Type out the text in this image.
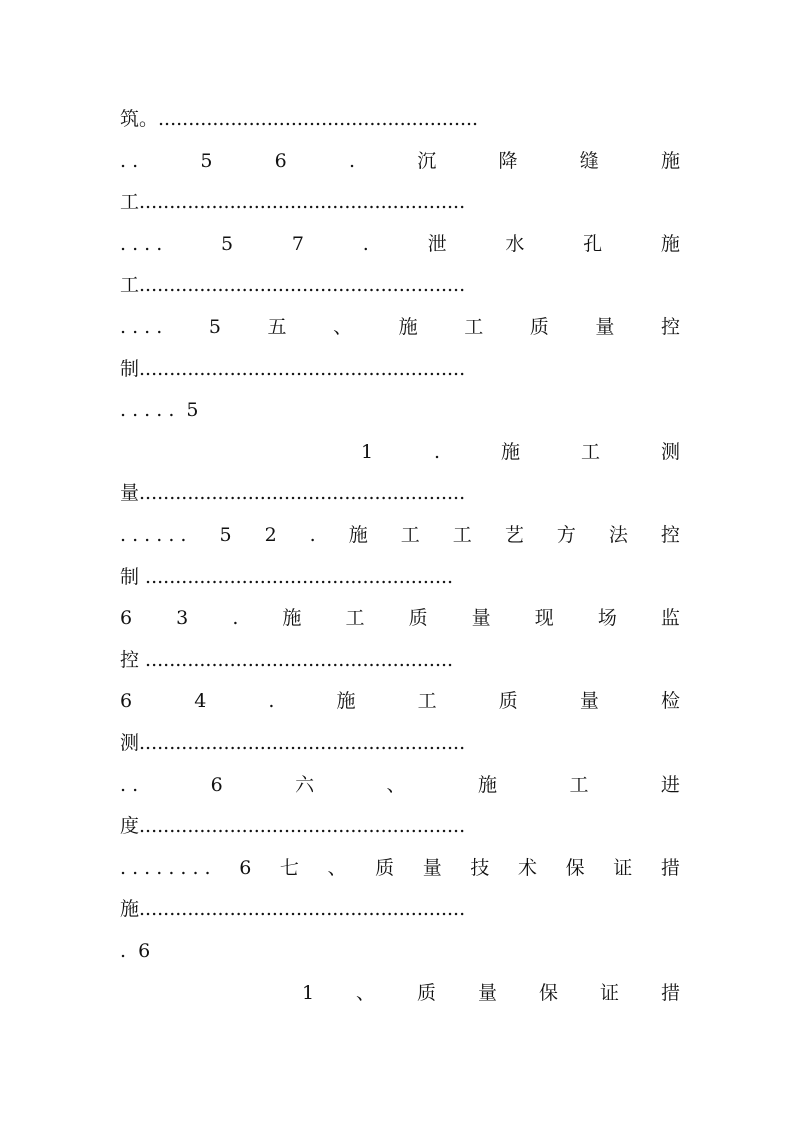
筑。.....................................................
. .	5	6	.	沉	降	缝	施
工......................................................
. . . .	5	7	.	泄	水	孔	施
工......................................................
. . . . 5 五 、 施 工 质 量 控
制......................................................
. . . . .  5
1	.	施	工	测
量......................................................
. . . . . . 5 2 . 施 工 工 艺 方 法 控
制 ...................................................
6 3 . 施 工 质 量 现 场 监
控 ...................................................
6	4	.	施	工	质	量	检
测......................................................
. .	6	六	、	施	工	进
度......................................................
. . . . . . . . 6 七 、 质 量 技 术 保 证 措
施......................................................
.  6
1 、 质 量 保 证 措
